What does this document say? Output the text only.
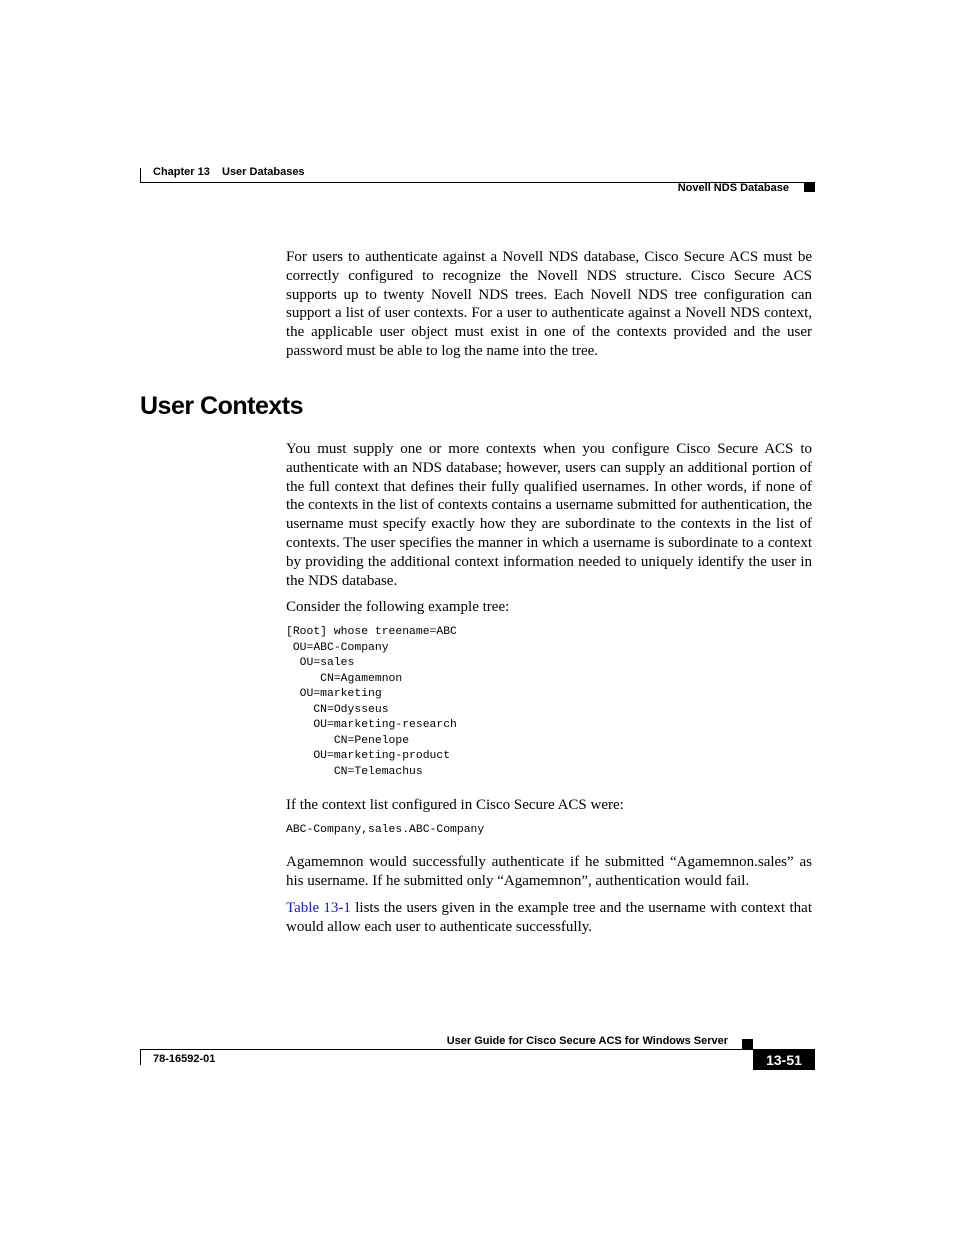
Chapter 13 User Databases
Novell NDS Database

For users to authenticate against a Novell NDS database, Cisco Secure ACS must be correctly configured to recognize the Novell NDS structure. Cisco Secure ACS supports up to twenty Novell NDS trees. Each Novell NDS tree configuration can support a list of user contexts. For a user to authenticate against a Novell NDS context, the applicable user object must exist in one of the contexts provided and the user password must be able to log the name into the tree.

User Contexts

You must supply one or more contexts when you configure Cisco Secure ACS to authenticate with an NDS database; however, users can supply an additional portion of the full context that defines their fully qualified usernames. In other words, if none of the contexts in the list of contexts contains a username submitted for authentication, the username must specify exactly how they are subordinate to the contexts in the list of contexts. The user specifies the manner in which a username is subordinate to a context by providing the additional context information needed to uniquely identify the user in the NDS database.

Consider the following example tree:

[Root] whose treename=ABC
OU=ABC-Company
OU=sales
CN=Agamemnon
OU=marketing
CN=Odysseus
OU=marketing-research
CN=Penelope
OU=marketing-product
CN=Telemachus

If the context list configured in Cisco Secure ACS were:

ABC-Company,sales.ABC-Company

Agamemnon would successfully authenticate if he submitted “Agamemnon.sales” as his username. If he submitted only “Agamemnon”, authentication would fail.

Table 13-1 lists the users given in the example tree and the username with context that would allow each user to authenticate successfully.

User Guide for Cisco Secure ACS for Windows Server
78-16592-01	13-51
